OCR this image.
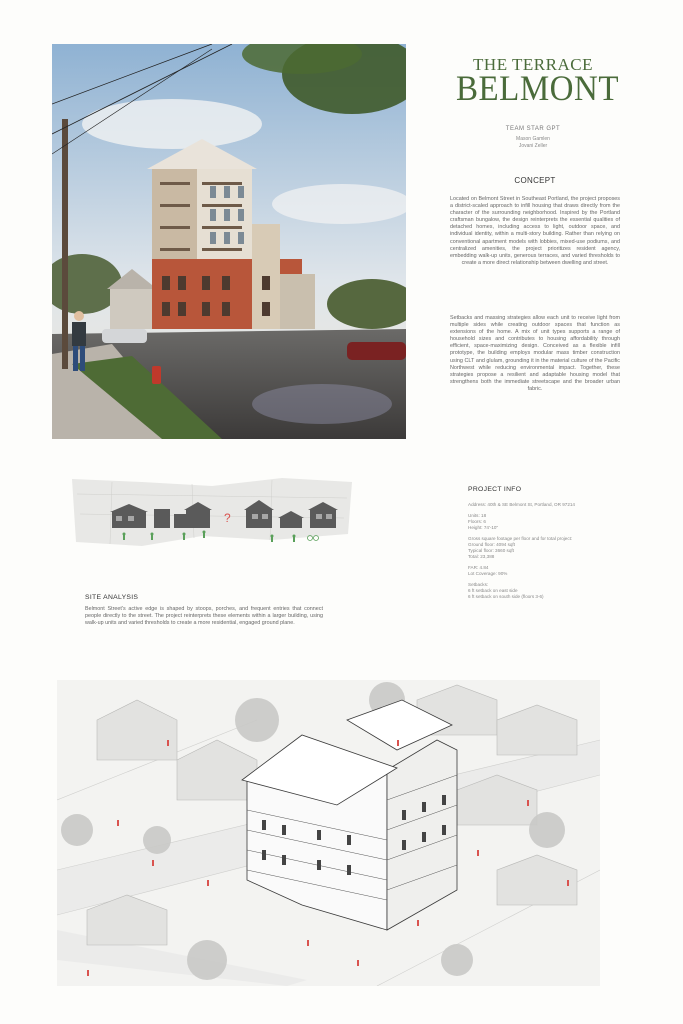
THE TERRACE
BELMONT
TEAM STAR GPT
Mason Gamlen
Jovani Zeller
CONCEPT
Located on Belmont Street in Southeast Portland, the project proposes a district-scaled approach to infill housing that draws directly from the character of the surrounding neighborhood. Inspired by the Portland craftsman bungalow, the design reinterprets the essential qualities of detached homes, including access to light, outdoor space, and individual identity, within a multi-story building. Rather than relying on conventional apartment models with lobbies, mixed-use podiums, and centralized amenities, the project prioritizes resident agency, embedding walk-up units, generous terraces, and varied thresholds to create a more direct relationship between dwelling and street.
Setbacks and massing strategies allow each unit to receive light from multiple sides while creating outdoor spaces that function as extensions of the home. A mix of unit types supports a range of household sizes and contributes to housing affordability through efficient, space-maximizing design. Conceived as a flexible infill prototype, the building employs modular mass timber construction using CLT and glulam, grounding it in the material culture of the Pacific Northwest while reducing environmental impact. Together, these strategies propose a resilient and adaptable housing model that strengthens both the immediate streetscape and the broader urban fabric.
?
PROJECT INFO
Address: 40th & SE Belmont St, Portland, OR 97214
Units: 18
Floors: 6
Height: 74'-10"
Gross square footage per floor and for total project:
Ground floor: 4094 sqft
Typical floor: 3660 sqft
Total: 23,388
FAR: 4.84
Lot Coverage: 90%
Setbacks:
6 ft setback on east side
6 ft setback on south side (floors 3-6)
SITE ANALYSIS
Belmont Street's active edge is shaped by stoops, porches, and frequent entries that connect people directly to the street. The project reinterprets these elements within a larger building, using walk-up units and varied thresholds to create a more residential, engaged ground plane.
